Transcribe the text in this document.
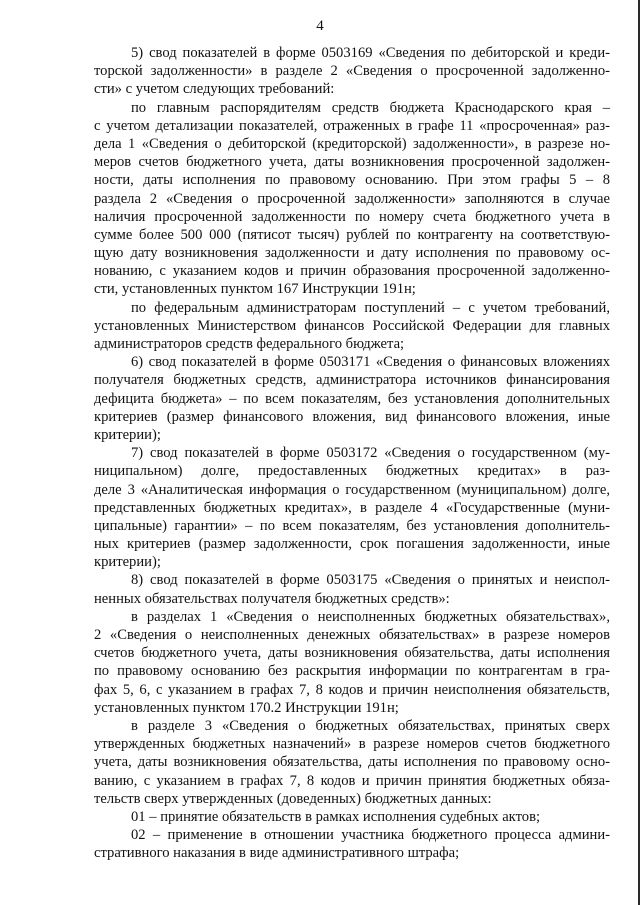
4
5) свод показателей в форме 0503169 «Сведения по дебиторской и креди-
торской задолженности» в разделе 2 «Сведения о просроченной задолженно-
сти» с учетом следующих требований:
по главным распорядителям средств бюджета Краснодарского края –
с учетом детализации показателей, отраженных в графе 11 «просроченная» раз-
дела 1 «Сведения о дебиторской (кредиторской) задолженности», в разрезе но-
меров счетов бюджетного учета, даты возникновения просроченной задолжен-
ности, даты исполнения по правовому основанию. При этом графы 5 – 8
раздела 2 «Сведения о просроченной задолженности» заполняются в случае
наличия просроченной задолженности по номеру счета бюджетного учета в
сумме более 500 000 (пятисот тысяч) рублей по контрагенту на соответствую-
щую дату возникновения задолженности и дату исполнения по правовому ос-
нованию, с указанием кодов и причин образования просроченной задолженно-
сти, установленных пунктом 167 Инструкции 191н;
по федеральным администраторам поступлений – с учетом требований,
установленных Министерством финансов Российской Федерации для главных
администраторов средств федерального бюджета;
6) свод показателей в форме 0503171 «Сведения о финансовых вложениях
получателя бюджетных средств, администратора источников финансирования
дефицита бюджета» – по всем показателям, без установления дополнительных
критериев (размер финансового вложения, вид финансового вложения, иные
критерии);
7) свод показателей в форме 0503172 «Сведения о государственном (му-
ниципальном) долге, предоставленных бюджетных кредитах» в раз-
деле 3 «Аналитическая информация о государственном (муниципальном) долге,
представленных бюджетных кредитах», в разделе 4 «Государственные (муни-
ципальные) гарантии» – по всем показателям, без установления дополнитель-
ных критериев (размер задолженности, срок погашения задолженности, иные
критерии);
8) свод показателей в форме 0503175 «Сведения о принятых и неиспол-
ненных обязательствах получателя бюджетных средств»:
в разделах 1 «Сведения о неисполненных бюджетных обязательствах»,
2 «Сведения о неисполненных денежных обязательствах» в разрезе номеров
счетов бюджетного учета, даты возникновения обязательства, даты исполнения
по правовому основанию без раскрытия информации по контрагентам в гра-
фах 5, 6, с указанием в графах 7, 8 кодов и причин неисполнения обязательств,
установленных пунктом 170.2 Инструкции 191н;
в разделе 3 «Сведения о бюджетных обязательствах, принятых сверх
утвержденных бюджетных назначений» в разрезе номеров счетов бюджетного
учета, даты возникновения обязательства, даты исполнения по правовому осно-
ванию, с указанием в графах 7, 8 кодов и причин принятия бюджетных обяза-
тельств сверх утвержденных (доведенных) бюджетных данных:
01 – принятие обязательств в рамках исполнения судебных актов;
02 – применение в отношении участника бюджетного процесса админи-
стративного наказания в виде административного штрафа;
